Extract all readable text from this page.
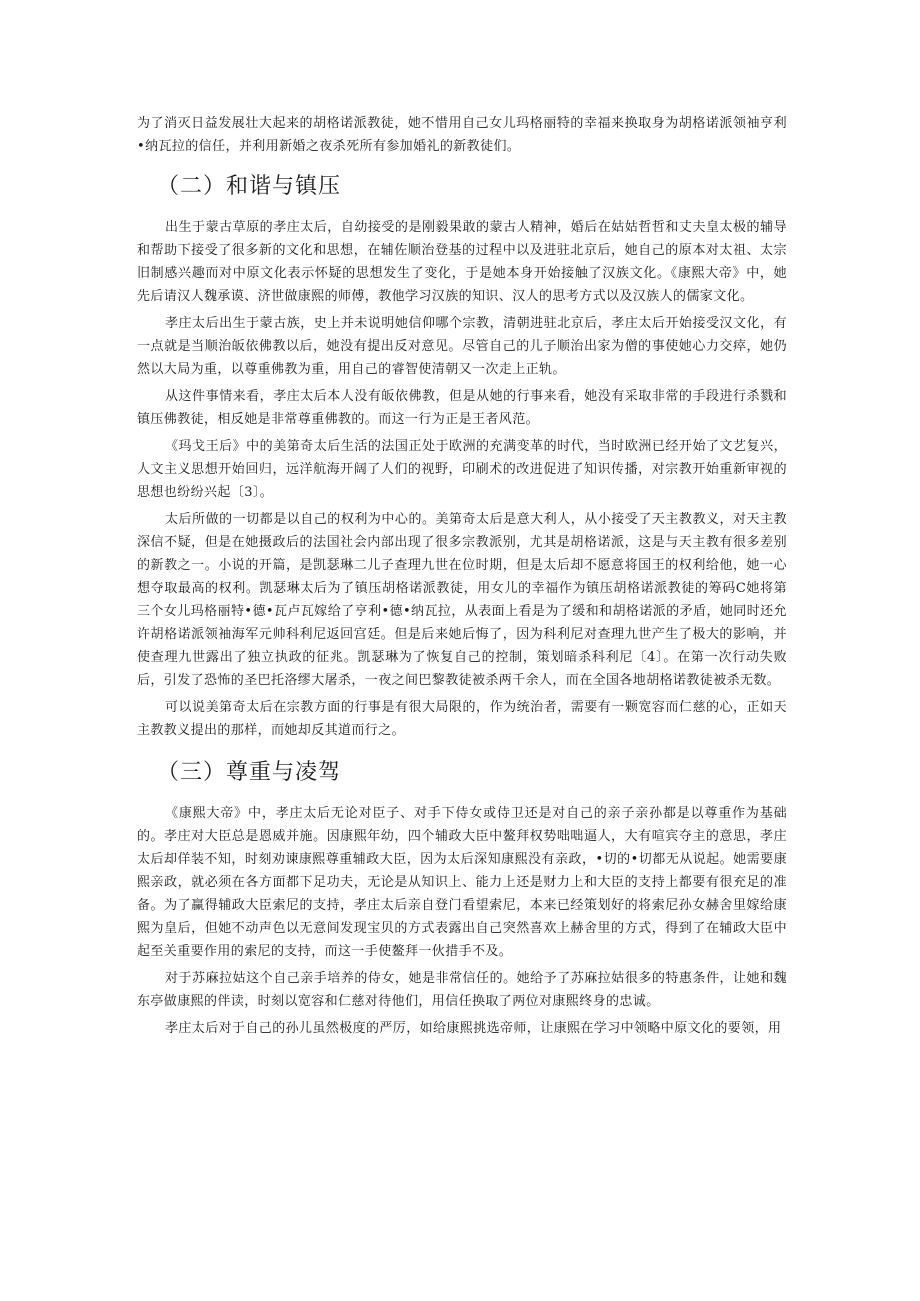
为了消灭日益发展壮大起来的胡格诺派教徒，她不惜用自己女儿玛格丽特的幸福来换取身为胡格诺派领袖亨利•纳瓦拉的信任，并利用新婚之夜杀死所有参加婚礼的新教徒们。

（二）和谐与镇压

出生于蒙古草原的孝庄太后，自幼接受的是刚毅果敢的蒙古人精神，婚后在姑姑哲哲和丈夫皇太极的辅导和帮助下接受了很多新的文化和思想，在辅佐顺治登基的过程中以及进驻北京后，她自己的原本对太祖、太宗旧制感兴趣而对中原文化表示怀疑的思想发生了变化，于是她本身开始接触了汉族文化。《康熙大帝》中，她先后请汉人魏承谟、济世做康熙的师傅，教他学习汉族的知识、汉人的思考方式以及汉族人的儒家文化。

孝庄太后出生于蒙古族，史上并未说明她信仰哪个宗教，清朝进驻北京后，孝庄太后开始接受汉文化，有一点就是当顺治皈依佛教以后，她没有提出反对意见。尽管自己的儿子顺治出家为僧的事使她心力交瘁，她仍然以大局为重，以尊重佛教为重，用自己的睿智使清朝又一次走上正轨。

从这件事情来看，孝庄太后本人没有皈依佛教，但是从她的行事来看，她没有采取非常的手段进行杀戮和镇压佛教徒，相反她是非常尊重佛教的。而这一行为正是王者风范。

《玛戈王后》中的美第奇太后生活的法国正处于欧洲的充满变革的时代，当时欧洲已经开始了文艺复兴，人文主义思想开始回归，远洋航海开阔了人们的视野，印刷术的改进促进了知识传播，对宗教开始重新审视的思想也纷纷兴起〔3〕。

太后所做的一切都是以自己的权利为中心的。美第奇太后是意大利人，从小接受了天主教教义，对天主教深信不疑，但是在她摄政后的法国社会内部出现了很多宗教派别，尤其是胡格诺派，这是与天主教有很多差别的新教之一。小说的开篇，是凯瑟琳二儿子查理九世在位时期，但是太后却不愿意将国王的权利给他，她一心想夺取最高的权利。凯瑟琳太后为了镇压胡格诺派教徒，用女儿的幸福作为镇压胡格诺派教徒的筹码C她将第三个女儿玛格丽特•德•瓦卢瓦嫁给了亨利•德•纳瓦拉，从表面上看是为了缓和和胡格诺派的矛盾，她同时还允许胡格诺派领袖海军元帅科利尼返回宫廷。但是后来她后悔了，因为科利尼对查理九世产生了极大的影响，并使查理九世露出了独立执政的征兆。凯瑟琳为了恢复自己的控制，策划暗杀科利尼〔4〕。在第一次行动失败后，引发了恐怖的圣巴托洛缪大屠杀，一夜之间巴黎教徒被杀两千余人，而在全国各地胡格诺教徒被杀无数。

可以说美第奇太后在宗教方面的行事是有很大局限的，作为统治者，需要有一颗宽容而仁慈的心，正如天主教教义提出的那样，而她却反其道而行之。

（三）尊重与凌驾

《康熙大帝》中，孝庄太后无论对臣子、对手下侍女或侍卫还是对自己的亲子亲孙都是以尊重作为基础的。孝庄对大臣总是恩威并施。因康熙年幼，四个辅政大臣中鳌拜权势咄咄逼人，大有喧宾夺主的意思，孝庄太后却佯装不知，时刻劝谏康熙尊重辅政大臣，因为太后深知康熙没有亲政，•切的•切都无从说起。她需要康熙亲政，就必须在各方面都下足功夫，无论是从知识上、能力上还是财力上和大臣的支持上都要有很充足的准备。为了赢得辅政大臣索尼的支持，孝庄太后亲自登门看望索尼，本来已经策划好的将索尼孙女赫舍里嫁给康熙为皇后，但她不动声色以无意间发现宝贝的方式表露出自己突然喜欢上赫舍里的方式，得到了在辅政大臣中起至关重要作用的索尼的支持，而这一手使鳌拜一伙措手不及。

对于苏麻拉姑这个自己亲手培养的侍女，她是非常信任的。她给予了苏麻拉姑很多的特惠条件，让她和魏东亭做康熙的伴读，时刻以宽容和仁慈对待他们，用信任换取了两位对康熙终身的忠诚。

孝庄太后对于自己的孙儿虽然极度的严厉，如给康熙挑选帝师，让康熙在学习中领略中原文化的要领，用
